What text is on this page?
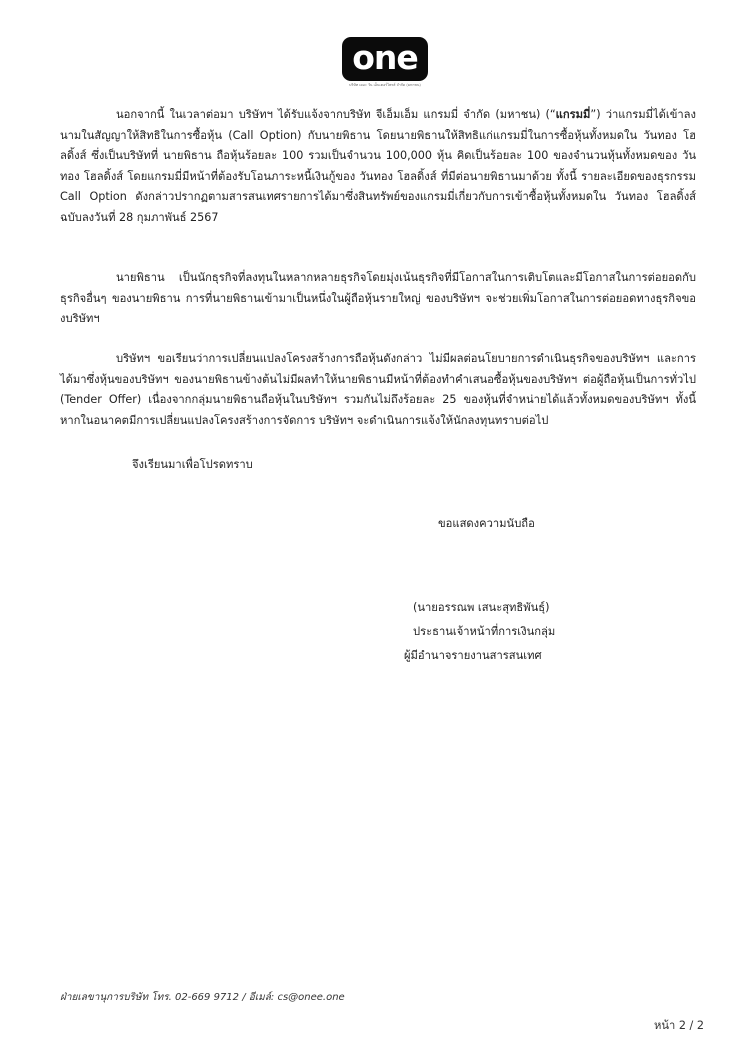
one
บริษัท เดอะ วัน เอ็นเตอร์ไพรส์ จำกัด (มหาชน)

นอกจากนี้ ในเวลาต่อมา บริษัทฯ ได้รับแจ้งจากบริษัท จีเอ็มเอ็ม แกรมมี่ จำกัด (มหาชน) (“แกรมมี่”) ว่าแกรมมี่ได้เข้าลงนามในสัญญาให้สิทธิในการซื้อหุ้น (Call Option) กับนายพิธาน โดยนายพิธานให้สิทธิแก่แกรมมี่ในการซื้อหุ้นทั้งหมดใน วันทอง โฮลดิ้งส์ ซึ่งเป็นบริษัทที่ นายพิธาน ถือหุ้นร้อยละ 100 รวมเป็นจำนวน 100,000 หุ้น คิดเป็นร้อยละ 100 ของจำนวนหุ้นทั้งหมดของ วันทอง โฮลดิ้งส์ โดยแกรมมี่มีหน้าที่ต้องรับโอนภาระหนี้เงินกู้ของ วันทอง โฮลดิ้งส์ ที่มีต่อนายพิธานมาด้วย ทั้งนี้ รายละเอียดของธุรกรรม Call Option ดังกล่าวปรากฏตามสารสนเทศรายการได้มาซึ่งสินทรัพย์ของแกรมมี่เกี่ยวกับการเข้าซื้อหุ้นทั้งหมดใน วันทอง โฮลดิ้งส์ ฉบับลงวันที่ 28 กุมภาพันธ์ 2567

นายพิธาน เป็นนักธุรกิจที่ลงทุนในหลากหลายธุรกิจโดยมุ่งเน้นธุรกิจที่มีโอกาสในการเติบโตและมีโอกาสในการต่อยอดกับธุรกิจอื่นๆ ของนายพิธาน การที่นายพิธานเข้ามาเป็นหนึ่งในผู้ถือหุ้นรายใหญ่ ของบริษัทฯ จะช่วยเพิ่มโอกาสในการต่อยอดทางธุรกิจของบริษัทฯ

บริษัทฯ ขอเรียนว่าการเปลี่ยนแปลงโครงสร้างการถือหุ้นดังกล่าว ไม่มีผลต่อนโยบายการดำเนินธุรกิจของบริษัทฯ และการได้มาซึ่งหุ้นของบริษัทฯ ของนายพิธานข้างต้นไม่มีผลทำให้นายพิธานมีหน้าที่ต้องทำคำเสนอซื้อหุ้นของบริษัทฯ ต่อผู้ถือหุ้นเป็นการทั่วไป (Tender Offer) เนื่องจากกลุ่มนายพิธานถือหุ้นในบริษัทฯ รวมกันไม่ถึงร้อยละ 25 ของหุ้นที่จำหน่ายได้แล้วทั้งหมดของบริษัทฯ ทั้งนี้ หากในอนาคตมีการเปลี่ยนแปลงโครงสร้างการจัดการ บริษัทฯ จะดำเนินการแจ้งให้นักลงทุนทราบต่อไป

จึงเรียนมาเพื่อโปรดทราบ
ขอแสดงความนับถือ
(นายอรรณพ เสนะสุทธิพันธุ์)
ประธานเจ้าหน้าที่การเงินกลุ่ม
ผู้มีอำนาจรายงานสารสนเทศ
ฝ่ายเลขานุการบริษัท โทร. 02-669 9712 / อีเมล์: cs@onee.one
หน้า 2 / 2
